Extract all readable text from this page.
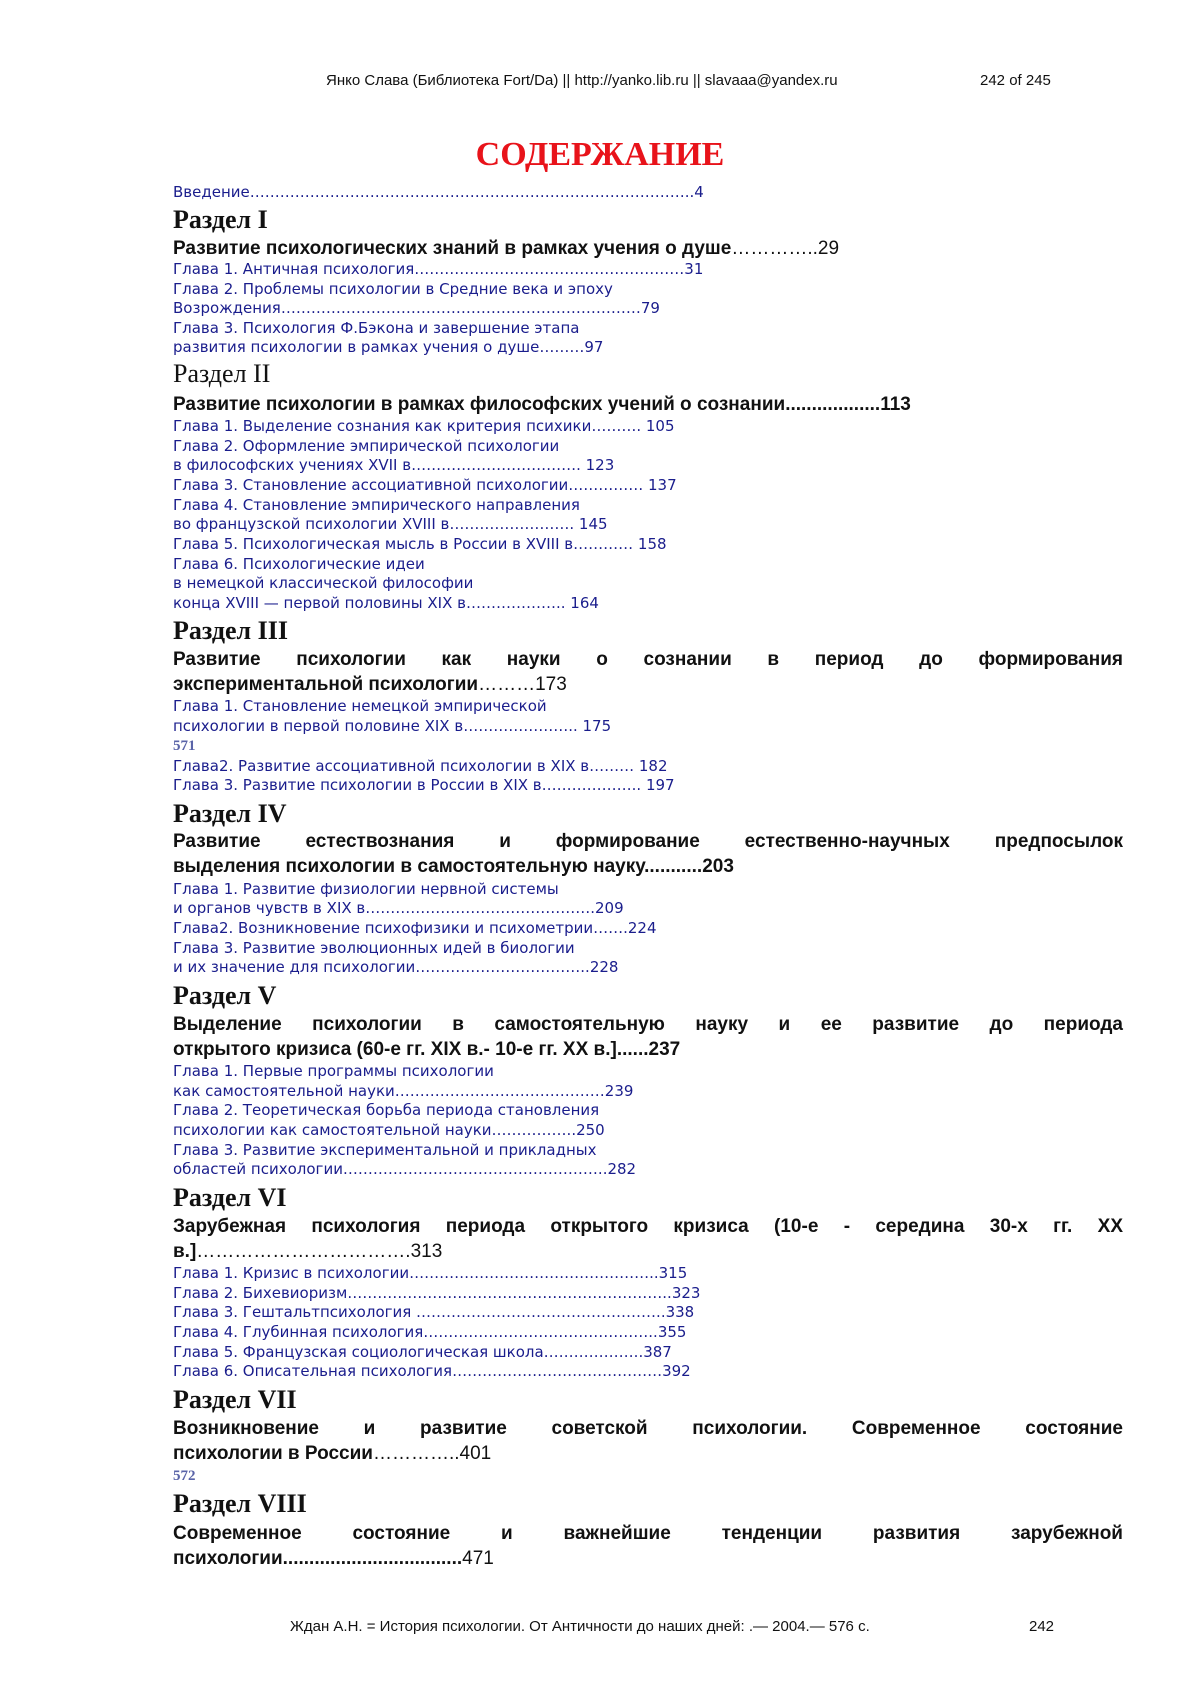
Янко Слава (Библиотека Fort/Da) || http://yanko.lib.ru || slavaaa@yandex.ru	242 of 245
СОДЕРЖАНИЕ
Введение……………………………………………………………………………..4
Раздел I
Развитие психологических знаний в рамках учения о душе…………..29
Глава 1. Античная психология………………………………………………31
Глава 2. Проблемы психологии в Средние века и эпоху
Возрождения………………………………………………………………79
Глава 3. Психология Ф.Бэкона и завершение этапа
развития психологии в рамках учения о душе………97
Раздел II
Развитие психологии в рамках философских учений о сознании..................113
Глава 1. Выделение сознания как критерия психики………. 105
Глава 2. Оформление эмпирической психологии
в философских учениях XVII в……………………………. 123
Глава 3. Становление ассоциативной психологии…………… 137
Глава 4. Становление эмпирического направления
во французской психологии XVIII в……………………. 145
Глава 5. Психологическая мысль в России в XVIII в………… 158
Глава 6. Психологические идеи
в немецкой классической философии
конца XVIII — первой половины XIX в……………….. 164
Раздел III
Развитие психологии как науки о сознании в период до формирования
экспериментальной психологии………173
Глава 1. Становление немецкой эмпирической
психологии в первой половине XIX в………………….. 175
571
Глава2. Развитие ассоциативной психологии в XIX в……… 182
Глава 3. Развитие психологии в России в XIX в……………….. 197
Раздел IV
Развитие естествознания и формирование естественно-научных предпосылок
выделения психологии в самостоятельную науку...........203
Глава 1. Развитие физиологии нервной системы
и органов чувств в XIX в……………………………………….209
Глава2. Возникновение психофизики и психометрии…….224
Глава 3. Развитие эволюционных идей в биологии
и их значение для психологии……………………………..228
Раздел V
Выделение психологии в самостоятельную науку и ее развитие до периода
открытого кризиса (60-е гг. XIX в.- 10-е гг. XX в.]......237
Глава 1. Первые программы психологии
как самостоятельной науки……………………………………239
Глава 2. Теоретическая борьба периода становления
психологии как самостоятельной науки……………..250
Глава 3. Развитие экспериментальной и прикладных
областей психологии……………………………………………..282
Раздел VI
Зарубежная психология периода открытого кризиса (10-е - середина 30-х гг. XX
в.]…………………………….313
Глава 1. Кризис в психологии…………………………………………..315
Глава 2. Бихевиоризм………………………………………………………..323
Глава 3. Гештальтпсихология …………………………………………..338
Глава 4. Глубинная психология………………………………………..355
Глава 5. Французская социологическая школа………………..387
Глава 6. Описательная психология……………………………………392
Раздел VII
Возникновение и развитие советской психологии. Современное состояние
психологии в России…………..401
572
Раздел VIII
Современное состояние и важнейшие тенденции развития зарубежной
психологии..................................471
Ждан А.Н. = История психологии. От Античности до наших дней: .— 2004.— 576 с.	242
